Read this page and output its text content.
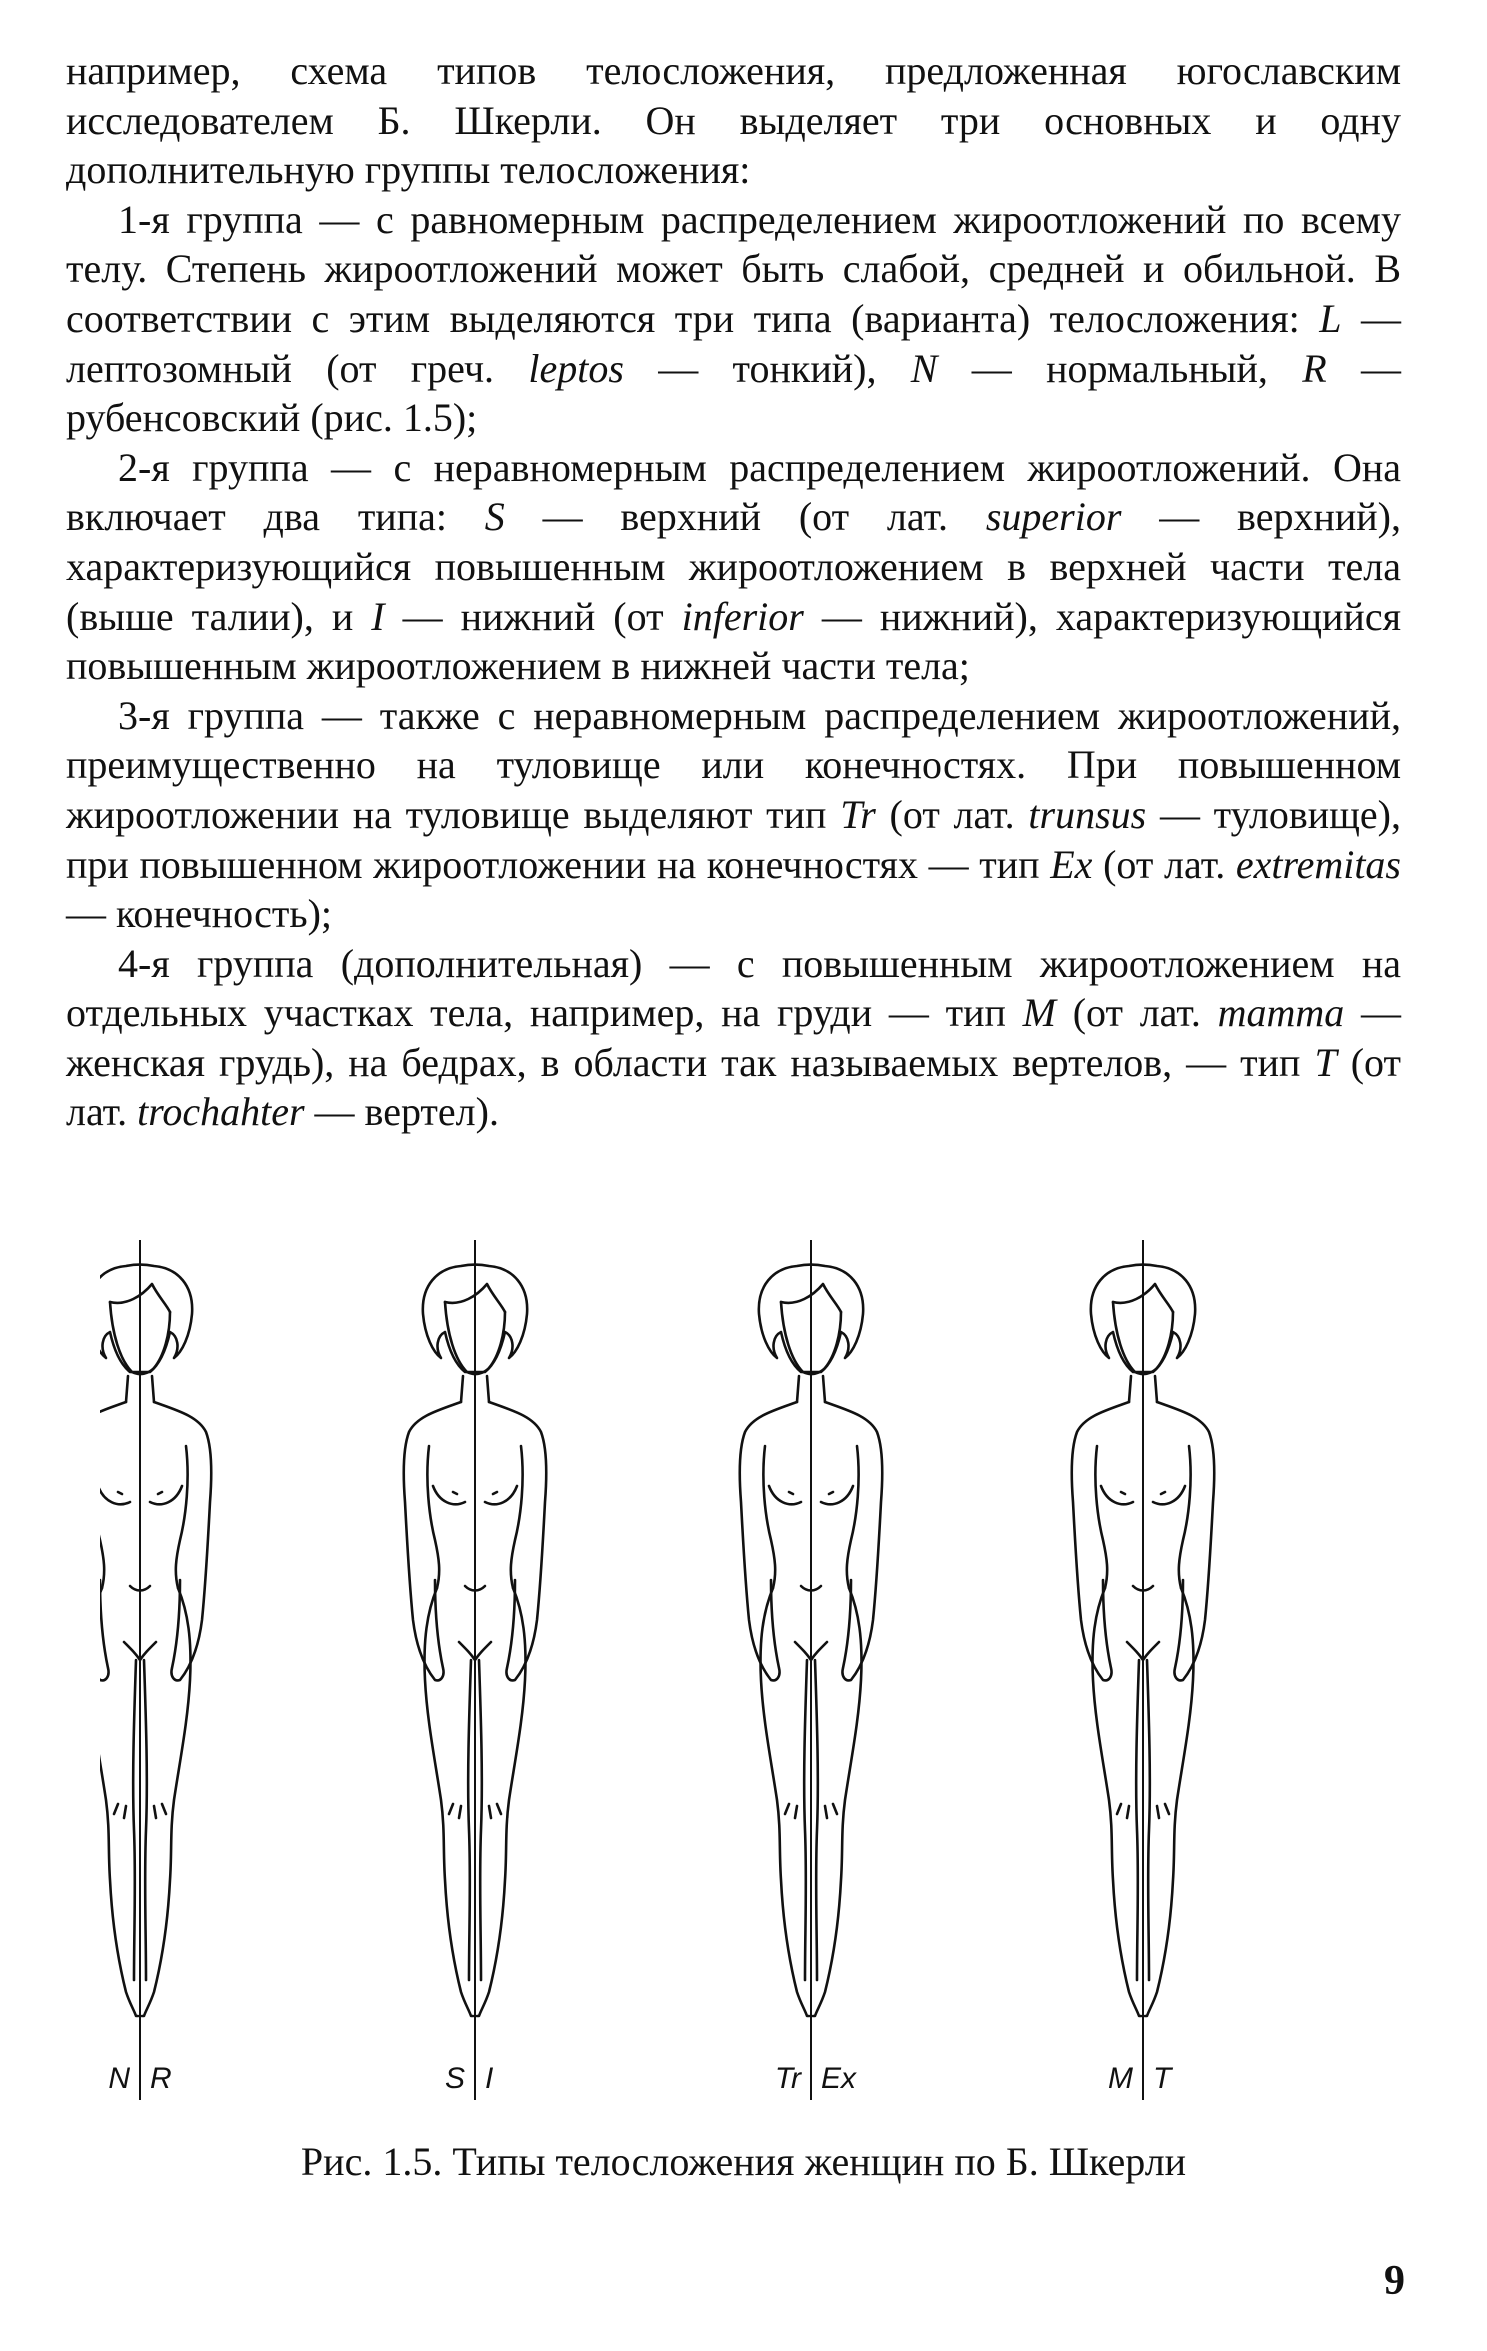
например, схема типов телосложения, предложенная югославским исследователем Б. Шкерли. Он выделяет три основных и одну дополнительную группы телосложения:

1-я группа — с равномерным распределением жироотложений по всему телу. Степень жироотложений может быть слабой, средней и обильной. В соответствии с этим выделяются три типа (варианта) телосложения: L — лептозомный (от греч. leptos — тонкий), N — нормальный, R — рубенсовский (рис. 1.5);

2-я группа — с неравномерным распределением жироотложений. Она включает два типа: S — верхний (от лат. superior — верхний), характеризующийся повышенным жироотложением в верхней части тела (выше талии), и I — нижний (от inferior — нижний), характеризующийся повышенным жироотложением в нижней части тела;

3-я группа — также с неравномерным распределением жироотложений, преимущественно на туловище или конечностях. При повышенном жироотложении на туловище выделяют тип Tr (от лат. trunsus — туловище), при повышенном жироотложении на конечностях — тип Ex (от лат. extremitas — конечность);

4-я группа (дополнительная) — с повышенным жироотложением на отдельных участках тела, например, на груди — тип M (от лат. mamma — женская грудь), на бедрах, в области так называемых вертелов, — тип T (от лат. trochahter — вертел).

N R	S I	Tr Ex	M T
Рис. 1.5. Типы телосложения женщин по Б. Шкерли
9
